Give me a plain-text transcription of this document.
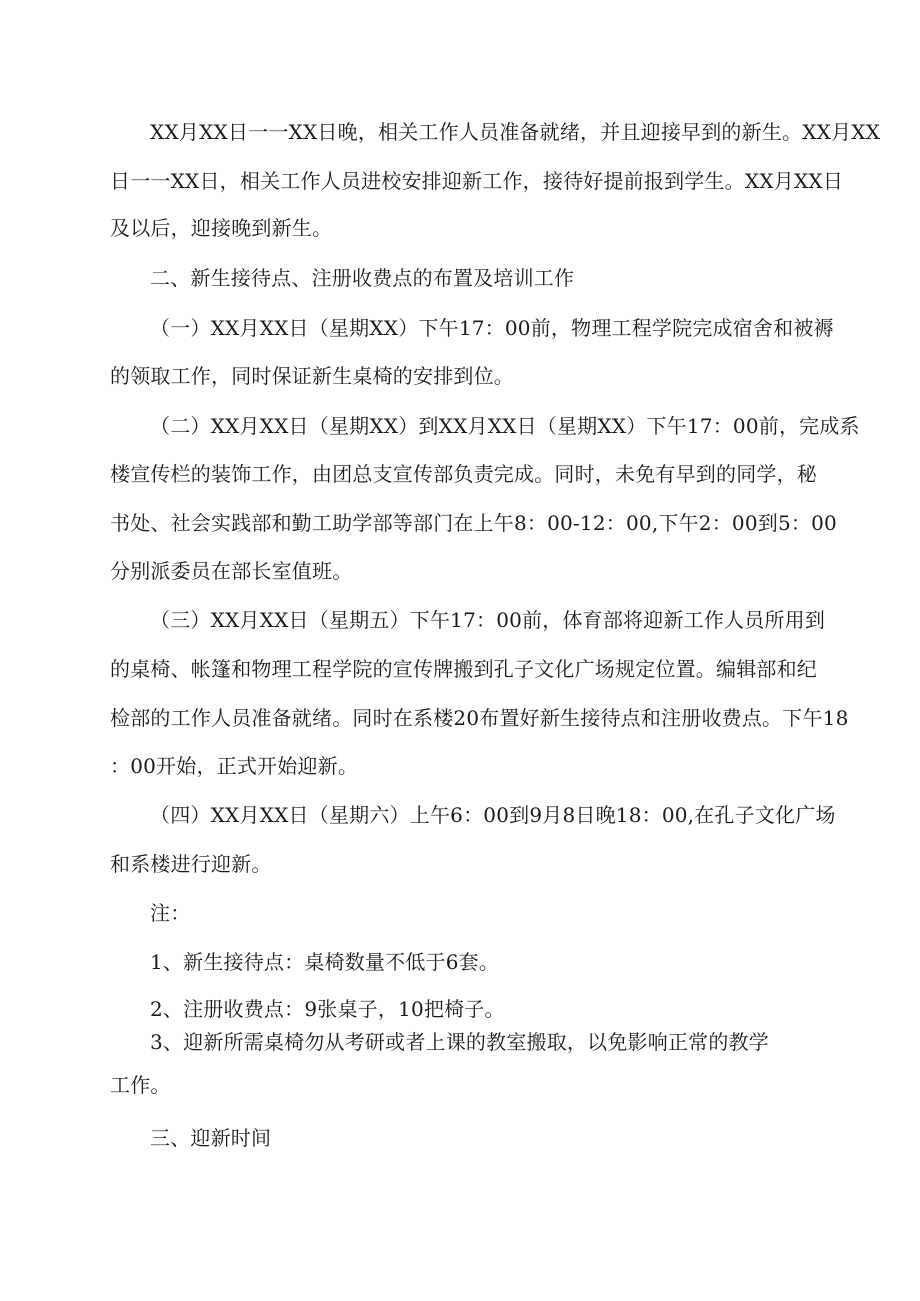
XX月XX日一一XX日晚，相关工作人员准备就绪，并且迎接早到的新生。XX月XX
日一一XX日，相关工作人员进校安排迎新工作，接待好提前报到学生。XX月XX日
及以后，迎接晚到新生。
二、新生接待点、注册收费点的布置及培训工作
（一）XX月XX日（星期XX）下午17：00前，物理工程学院完成宿舍和被褥
的领取工作，同时保证新生桌椅的安排到位。
（二）XX月XX日（星期XX）到XX月XX日（星期XX）下午17：00前，完成系
楼宣传栏的装饰工作，由团总支宣传部负责完成。同时，未免有早到的同学，秘
书处、社会实践部和勤工助学部等部门在上午8：00-12：00,下午2：00到5：00
分别派委员在部长室值班。
（三）XX月XX日（星期五）下午17：00前，体育部将迎新工作人员所用到
的桌椅、帐篷和物理工程学院的宣传牌搬到孔子文化广场规定位置。编辑部和纪
检部的工作人员准备就绪。同时在系楼20布置好新生接待点和注册收费点。下午18
：00开始，正式开始迎新。
（四）XX月XX日（星期六）上午6：00到9月8日晚18：00,在孔子文化广场
和系楼进行迎新。
注：
1、新生接待点：桌椅数量不低于6套。
2、注册收费点：9张桌子，10把椅子。
3、迎新所需桌椅勿从考研或者上课的教室搬取，以免影响正常的教学
工作。
三、迎新时间
